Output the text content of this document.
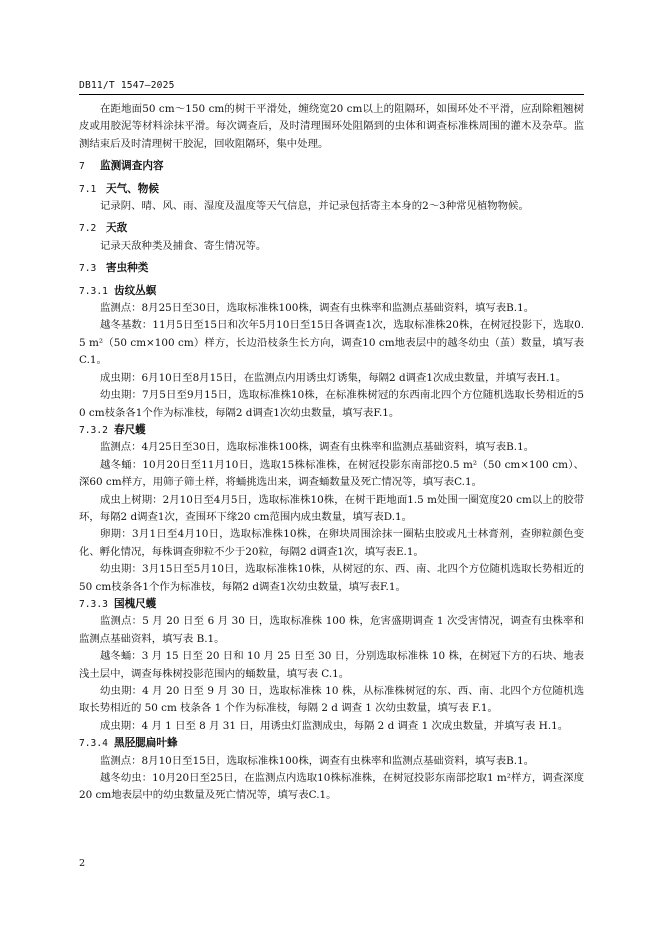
DB11/T 1547—2025

在距地面50 cm～150 cm的树干平滑处，缠绕宽20 cm以上的阻隔环，如围环处不平滑，应刮除粗翘树皮或用胶泥等材料涂抹平滑。每次调查后，及时清理围环处阻隔到的虫体和调查标准株周围的灌木及杂草。监测结束后及时清理树干胶泥，回收阻隔环，集中处理。

7	监测调查内容
7.1 天气、物候

记录阴、晴、风、雨、湿度及温度等天气信息，并记录包括寄主本身的2～3种常见植物物候。

7.2 天敌

记录天敌种类及捕食、寄生情况等。

7.3 害虫种类
7.3.1 齿纹丛螟

监测点：8月25日至30日，选取标准株100株，调查有虫株率和监测点基础资料，填写表B.1。

越冬基数：11月5日至15日和次年5月10日至15日各调查1次，选取标准株20株，在树冠投影下，选取0.5 m²（50 cm×100 cm）样方，长边沿枝条生长方向，调查10 cm地表层中的越冬幼虫（茧）数量，填写表C.1。

成虫期：6月10日至8月15日，在监测点内用诱虫灯诱集，每隔2 d调查1次成虫数量，并填写表H.1。

幼虫期：7月5日至9月15日，选取标准株10株，在标准株树冠的东西南北四个方位随机选取长势相近的50 cm枝条各1个作为标准枝，每隔2 d调查1次幼虫数量，填写表F.1。

7.3.2 春尺蠖

监测点：4月25日至30日，选取标准株100株，调查有虫株率和监测点基础资料，填写表B.1。

越冬蛹：10月20日至11月10日，选取15株标准株，在树冠投影东南部挖0.5 m²（50 cm×100 cm）、深60 cm样方，用筛子筛土样，将蛹挑选出来，调查蛹数量及死亡情况等，填写表C.1。

成虫上树期：2月10日至4月5日，选取标准株10株，在树干距地面1.5 m处围一圈宽度20 cm以上的胶带环，每隔2 d调查1次，查围环下缘20 cm范围内成虫数量，填写表D.1。

卵期：3月1日至4月10日，选取标准株10株，在卵块周围涂抹一圈粘虫胶或凡士林膏剂，查卵粒颜色变化、孵化情况，每株调查卵粒不少于20粒，每隔2 d调查1次，填写表E.1。

幼虫期：3月15日至5月10日，选取标准株10株，从树冠的东、西、南、北四个方位随机选取长势相近的50 cm枝条各1个作为标准枝，每隔2 d调查1次幼虫数量，填写表F.1。

7.3.3 国槐尺蠖

监测点：5 月 20 日至 6 月 30 日，选取标准株 100 株，危害盛期调查 1 次受害情况，调查有虫株率和监测点基础资料，填写表 B.1。

越冬蛹：3 月 15 日至 20 日和 10 月 25 日至 30 日，分别选取标准株 10 株，在树冠下方的石块、地表浅土层中，调查每株树投影范围内的蛹数量，填写表 C.1。

幼虫期：4 月 20 日至 9 月 30 日，选取标准株 10 株，从标准株树冠的东、西、南、北四个方位随机选取长势相近的 50 cm 枝条各 1 个作为标准枝，每隔 2 d 调查 1 次幼虫数量，填写表 F.1。

成虫期：4 月 1 日至 8 月 31 日，用诱虫灯监测成虫，每隔 2 d 调查 1 次成虫数量，并填写表 H.1。

7.3.4 黑胫腮扁叶蜂

监测点：8月10日至15日，选取标准株100株，调查有虫株率和监测点基础资料，填写表B.1。

越冬幼虫：10月20日至25日，在监测点内选取10株标准株，在树冠投影东南部挖取1 m²样方，调查深度20 cm地表层中的幼虫数量及死亡情况等，填写表C.1。

2
